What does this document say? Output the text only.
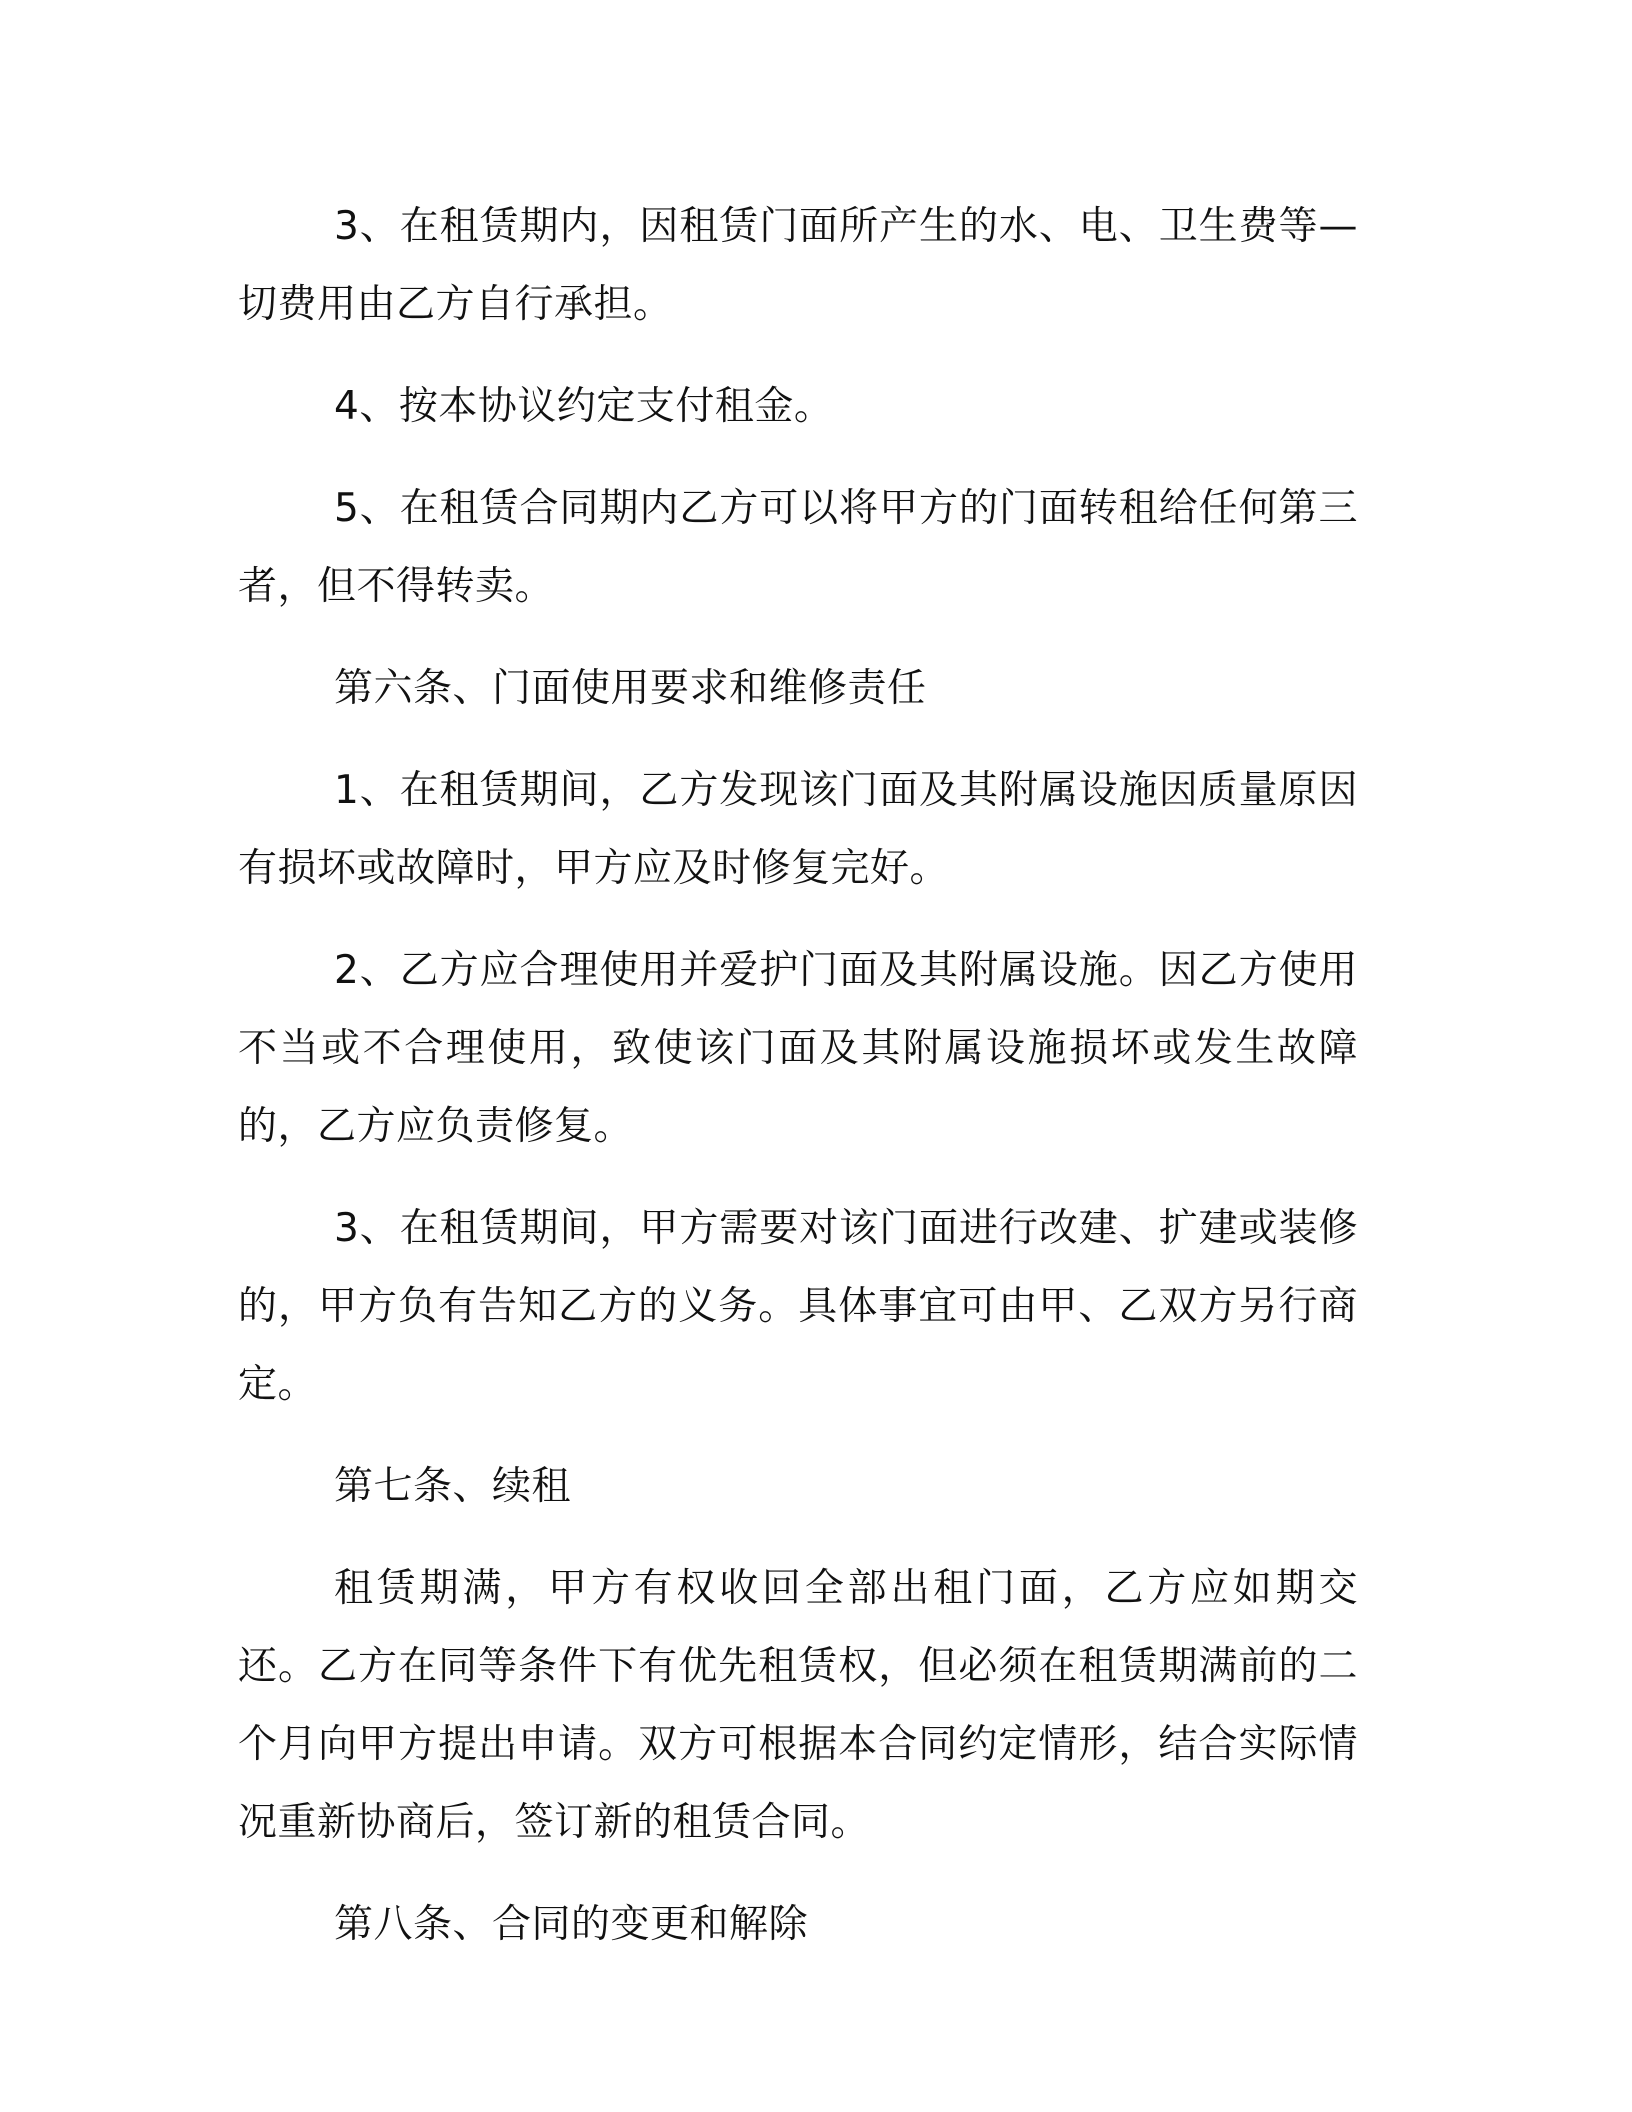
3、在租赁期内，因租赁门面所产生的水、电、卫生费等—切费用由乙方自行承担。

4、按本协议约定支付租金。

5、在租赁合同期内乙方可以将甲方的门面转租给任何第三者，但不得转卖。

第六条、门面使用要求和维修责任

1、在租赁期间，乙方发现该门面及其附属设施因质量原因有损坏或故障时，甲方应及时修复完好。

2、乙方应合理使用并爱护门面及其附属设施。因乙方使用不当或不合理使用，致使该门面及其附属设施损坏或发生故障的，乙方应负责修复。

3、在租赁期间，甲方需要对该门面进行改建、扩建或装修的，甲方负有告知乙方的义务。具体事宜可由甲、乙双方另行商定。

第七条、续租

租赁期满，甲方有权收回全部出租门面，乙方应如期交还。乙方在同等条件下有优先租赁权，但必须在租赁期满前的二个月向甲方提出申请。双方可根据本合同约定情形，结合实际情况重新协商后，签订新的租赁合同。

第八条、合同的变更和解除
